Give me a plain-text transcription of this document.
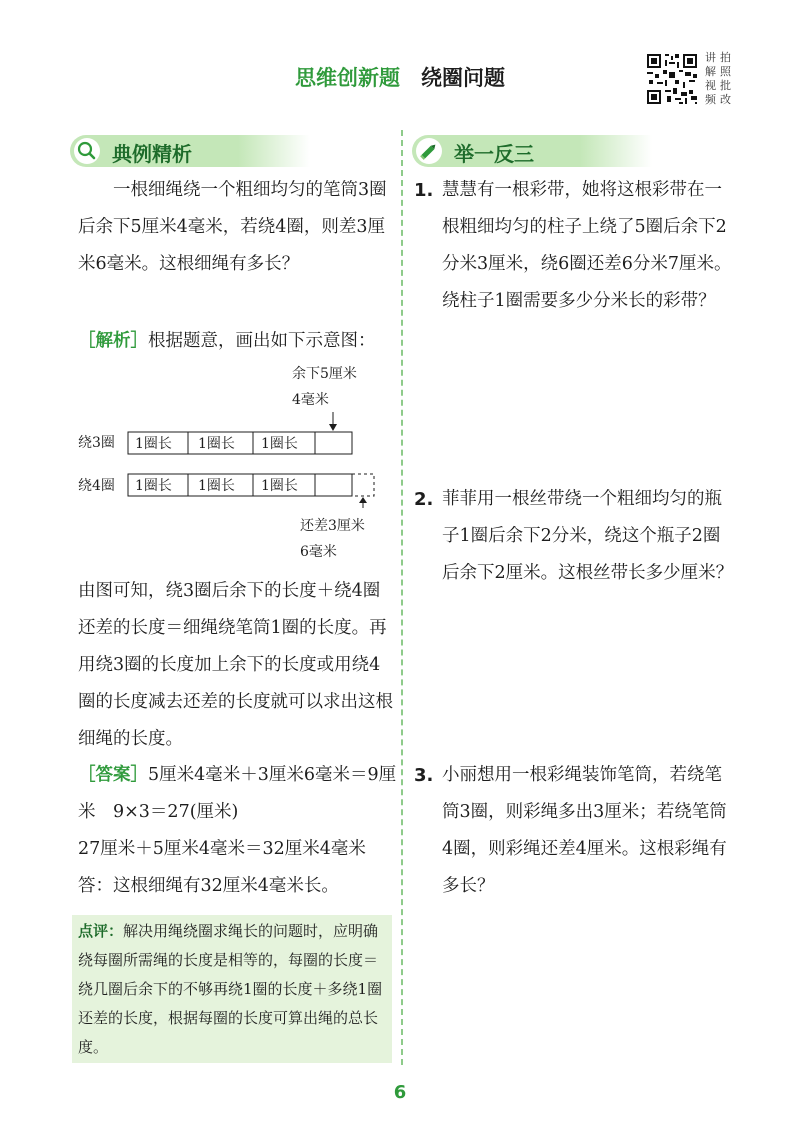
思维创新题 绕圈问题
讲解视频
拍照批改
典例精析	举一反三
一根细绳绕一个粗细均匀的笔筒3圈后余下5厘米4毫米，若绕4圈，则差3厘米6毫米。这根细绳有多长？
［解析］根据题意，画出如下示意图：
余下5厘米
4毫米
绕3圈 1圈长 1圈长 1圈长
绕4圈 1圈长 1圈长 1圈长
还差3厘米
6毫米
由图可知，绕3圈后余下的长度＋绕4圈还差的长度＝细绳绕笔筒1圈的长度。再用绕3圈的长度加上余下的长度或用绕4圈的长度减去还差的长度就可以求出这根细绳的长度。
［答案］5厘米4毫米＋3厘米6毫米＝9厘米　9×3＝27(厘米)
27厘米＋5厘米4毫米＝32厘米4毫米
答：这根细绳有32厘米4毫米长。
点评：解决用绳绕圈求绳长的问题时，应明确绕每圈所需绳的长度是相等的，每圈的长度＝绕几圈后余下的不够再绕1圈的长度＋多绕1圈还差的长度，根据每圈的长度可算出绳的总长度。
1. 慧慧有一根彩带，她将这根彩带在一根粗细均匀的柱子上绕了5圈后余下2分米3厘米，绕6圈还差6分米7厘米。绕柱子1圈需要多少分米长的彩带？
2. 菲菲用一根丝带绕一个粗细均匀的瓶子1圈后余下2分米，绕这个瓶子2圈后余下2厘米。这根丝带长多少厘米？
3. 小丽想用一根彩绳装饰笔筒，若绕笔筒3圈，则彩绳多出3厘米；若绕笔筒4圈，则彩绳还差4厘米。这根彩绳有多长？
6
